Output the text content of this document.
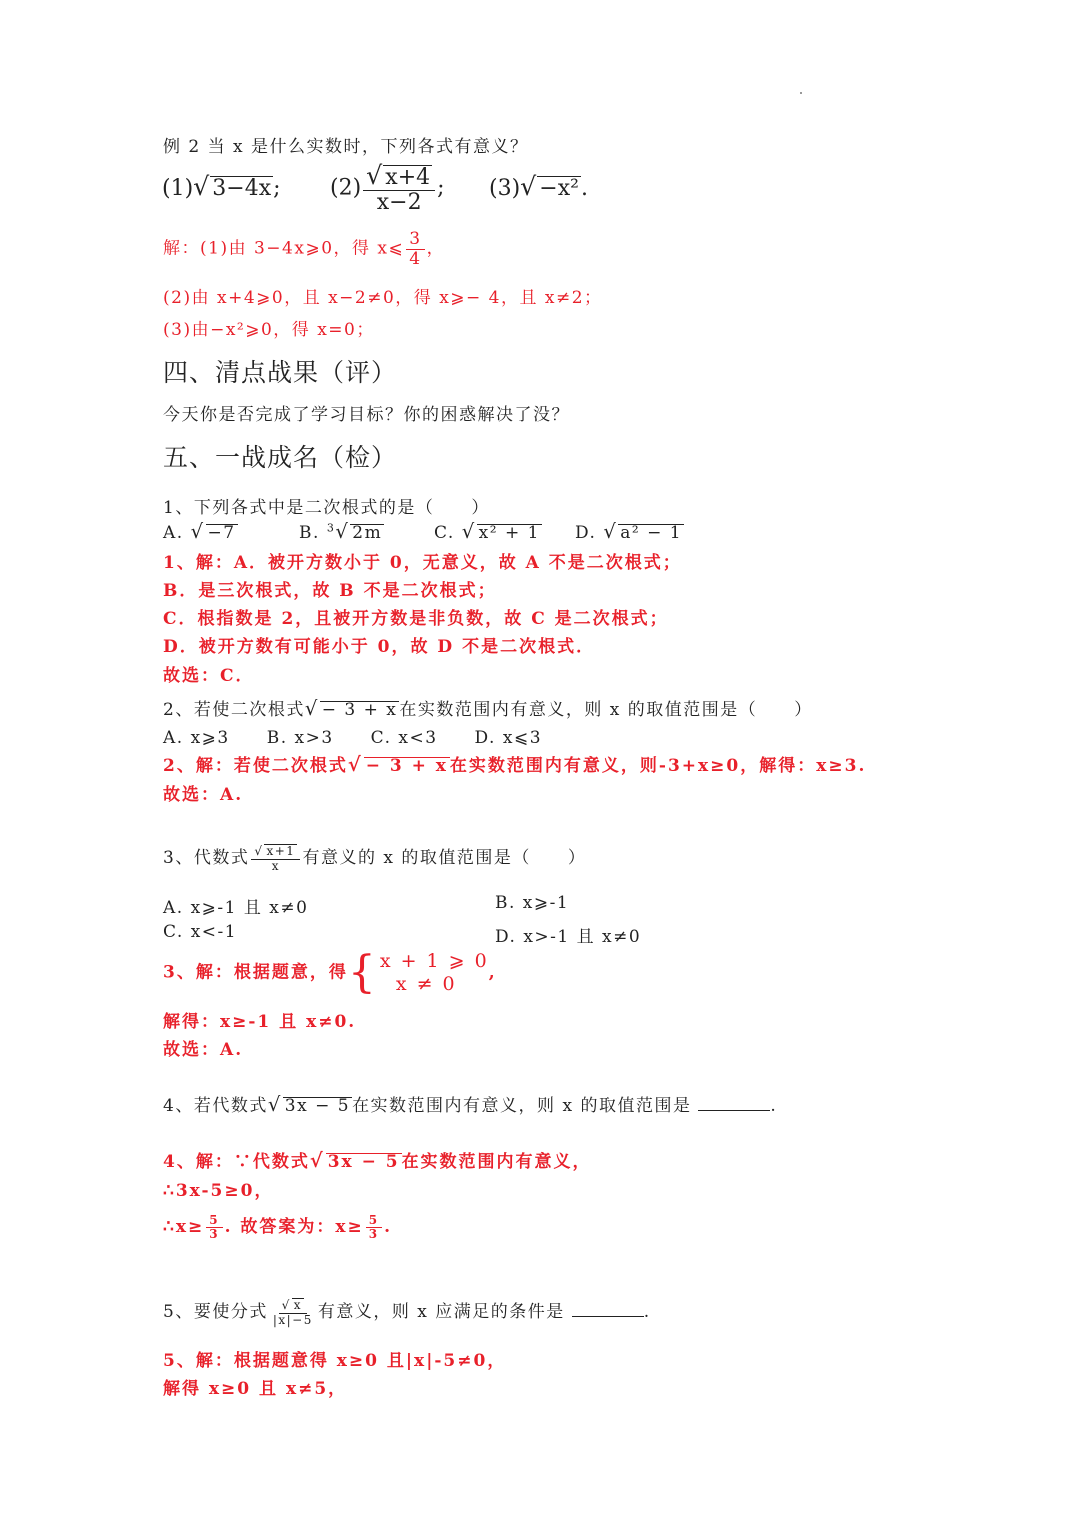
例 2 当 x 是什么实数时，下列各式有意义？
(1)√ 3−4x; $(2) \frac{√ x+4}{x-2}$ ; (3)√ −x².
解：(1)由 3−4x⩾0，得 x⩽ $\frac{3}{4}$ ，
(2)由 x+4⩾0，且 x−2≠0，得 x⩾− 4，且 x≠2；
(3)由−x²⩾0，得 x=0；
四、清点战果（评）
今天你是否完成了学习目标？你的困惑解决了没？
五、一战成名（检）
1、下列各式中是二次根式的是（　　）
A. √ −7	B. $^3$√ 2m	C. √ x² + 1 D. √ a² − 1
1、解：A．被开方数小于 0，无意义，故 A 不是二次根式；
B．是三次根式，故 B 不是二次根式；
C．根指数是 2，且被开方数是非负数，故 C 是二次根式；
D．被开方数有可能小于 0，故 D 不是二次根式．
故选：C．
2、若使二次根式√ − 3 + x 在实数范围内有意义，则 x 的取值范围是（　　）
A. x⩾3　　B. x>3　　C. x<3　　D. x⩽3
2、解：若使二次根式√ − 3 + x 在实数范围内有意义，则-3+x≥0，解得：x≥3.
故选：A.
3、代数式 $\frac{√ x+1}{x}$ 有意义的 x 的取值范围是（　　）
A. x⩾-1 且 x≠0	B. x⩾-1
C. x<-1	D. x>-1 且 x≠0
3、解：根据题意，得 { x + 1 ⩾ 0
x ≠ 0
,
解得：x≥-1 且 x≠0.
故选：A.
4、若代数式√ 3x − 5 在实数范围内有意义，则 x 的取值范围是	.
4、解：∵代数式√ 3x − 5 在实数范围内有意义，
∴3x-5≥0，
∴x≥ $\frac{5}{3}$ . 故答案为：$x\ge \frac{5}{3}$ .
5、要使分式 $\frac{√ x}{|x|-5}$ 有意义，则 x 应满足的条件是	.
5、解：根据题意得 x≥0 且|x|-5≠0，
解得 x≥0 且 x≠5，
